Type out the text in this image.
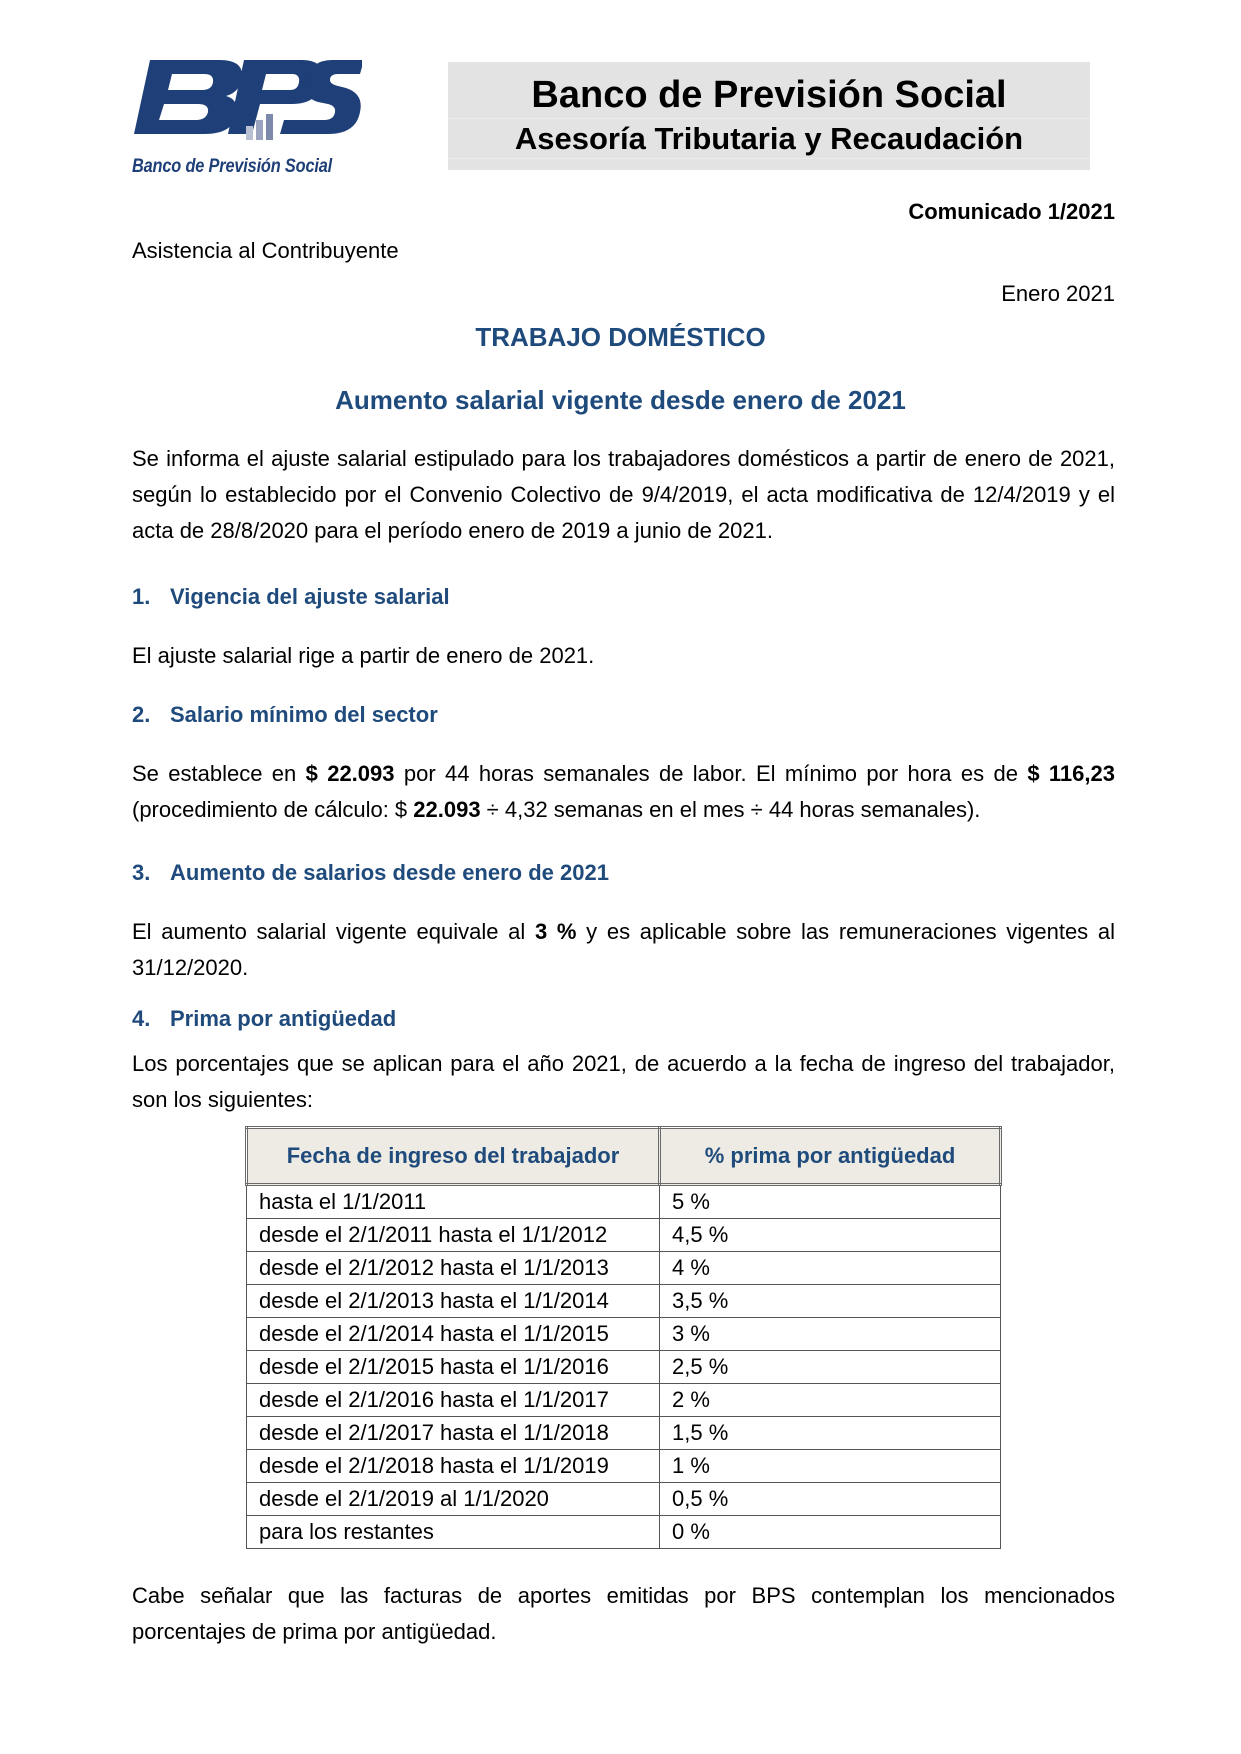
Banco de Previsión Social
Banco de Previsión Social
Asesoría Tributaria y Recaudación
Comunicado 1/2021
Asistencia al Contribuyente
Enero 2021
TRABAJO DOMÉSTICO
Aumento salarial vigente desde enero de 2021
Se informa el ajuste salarial estipulado para los trabajadores domésticos a partir de enero de 2021, según lo establecido por el Convenio Colectivo de 9/4/2019, el acta modificativa de 12/4/2019 y el acta de 28/8/2020 para el período enero de 2019 a junio de 2021.
1. Vigencia del ajuste salarial
El ajuste salarial rige a partir de enero de 2021.
2. Salario mínimo del sector
Se establece en $ 22.093 por 44 horas semanales de labor. El mínimo por hora es de $ 116,23 (procedimiento de cálculo: $ 22.093 ÷ 4,32 semanas en el mes ÷ 44 horas semanales).
3. Aumento de salarios desde enero de 2021
El aumento salarial vigente equivale al 3 % y es aplicable sobre las remuneraciones vigentes al 31/12/2020.
4. Prima por antigüedad
Los porcentajes que se aplican para el año 2021, de acuerdo a la fecha de ingreso del trabajador, son los siguientes:
Fecha de ingreso del trabajador	% prima por antigüedad
hasta el 1/1/2011	5 %
desde el 2/1/2011 hasta el 1/1/2012	4,5 %
desde el 2/1/2012 hasta el 1/1/2013	4 %
desde el 2/1/2013 hasta el 1/1/2014	3,5 %
desde el 2/1/2014 hasta el 1/1/2015	3 %
desde el 2/1/2015 hasta el 1/1/2016	2,5 %
desde el 2/1/2016 hasta el 1/1/2017	2 %
desde el 2/1/2017 hasta el 1/1/2018	1,5 %
desde el 2/1/2018 hasta el 1/1/2019	1 %
desde el 2/1/2019 al 1/1/2020	0,5 %
para los restantes	0 %
Cabe señalar que las facturas de aportes emitidas por BPS contemplan los mencionados porcentajes de prima por antigüedad.
